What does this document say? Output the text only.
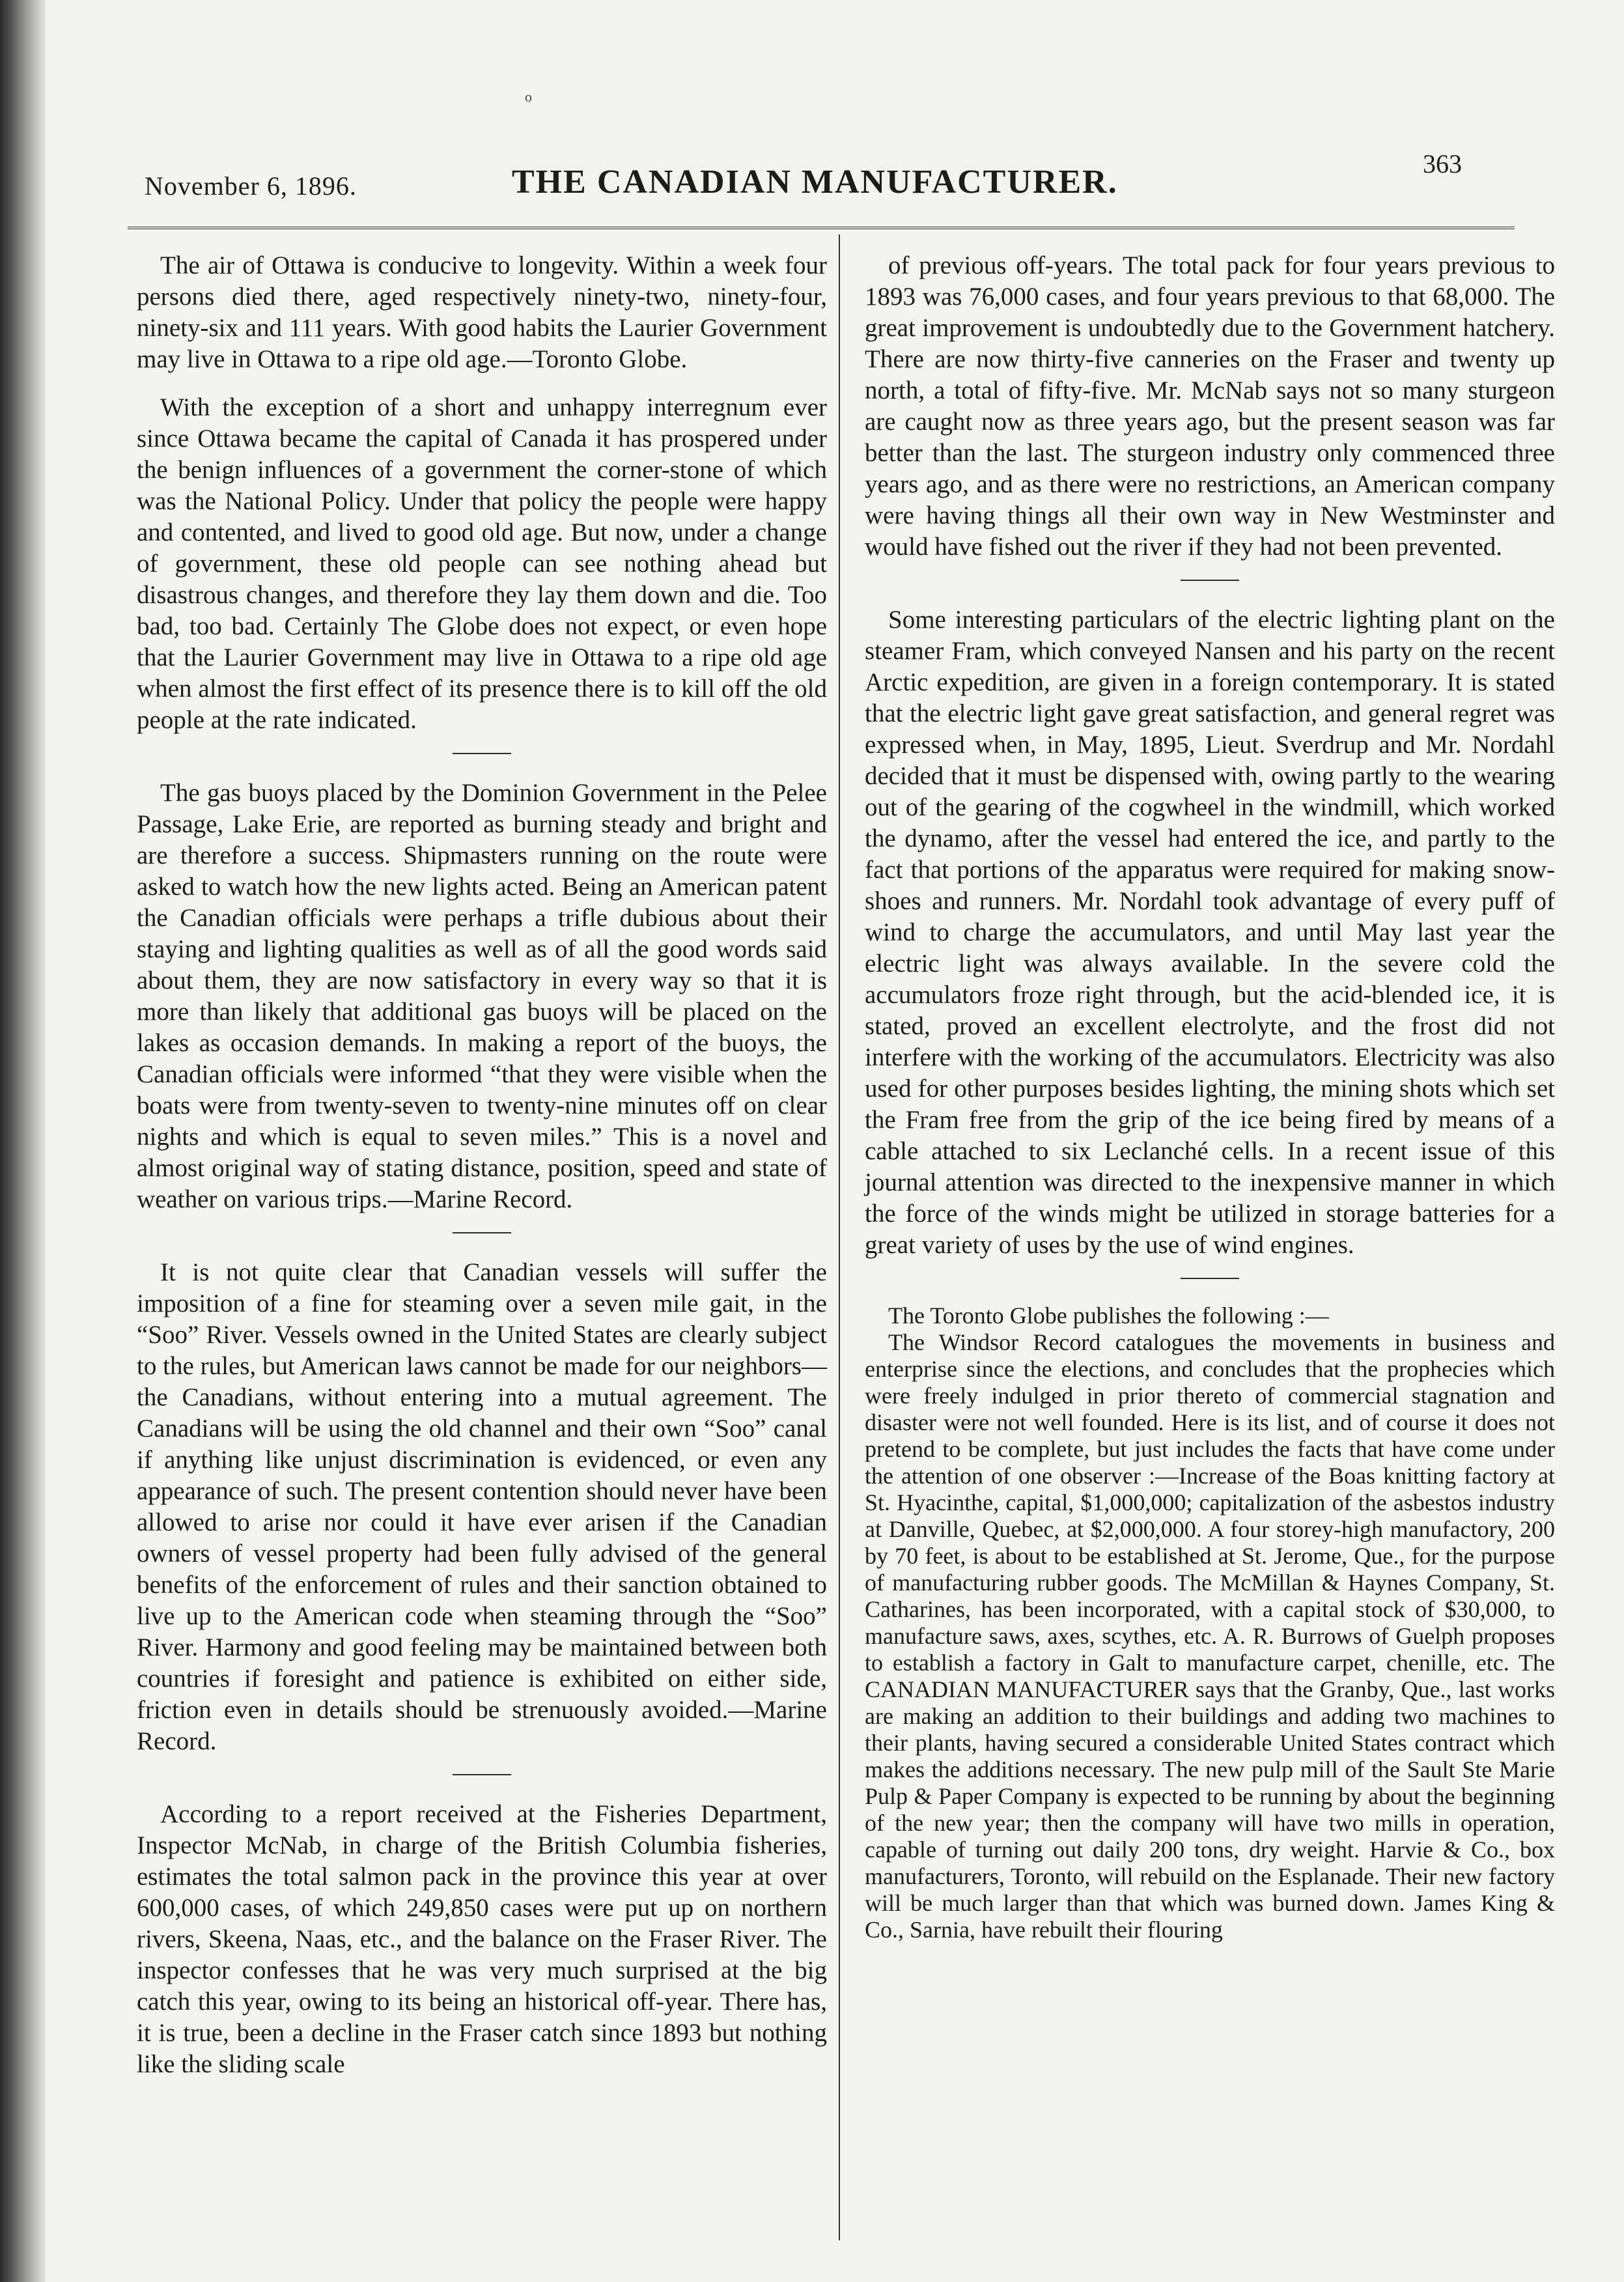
o
November 6, 1896.	THE CANADIAN MANUFACTURER.	363

The air of Ottawa is conducive to longevity. Within a week four persons died there, aged respectively ninety-two, ninety-four, ninety-six and 111 years. With good habits the Laurier Government may live in Ottawa to a ripe old age.—Toronto Globe.

With the exception of a short and unhappy interregnum ever since Ottawa became the capital of Canada it has prospered under the benign influences of a government the corner-stone of which was the National Policy. Under that policy the people were happy and contented, and lived to good old age. But now, under a change of government, these old people can see nothing ahead but disastrous changes, and therefore they lay them down and die. Too bad, too bad. Certainly The Globe does not expect, or even hope that the Laurier Government may live in Ottawa to a ripe old age when almost the first effect of its presence there is to kill off the old people at the rate indicated.

The gas buoys placed by the Dominion Government in the Pelee Passage, Lake Erie, are reported as burning steady and bright and are therefore a success. Shipmasters running on the route were asked to watch how the new lights acted. Being an American patent the Canadian officials were perhaps a trifle dubious about their staying and lighting qualities as well as of all the good words said about them, they are now satisfactory in every way so that it is more than likely that additional gas buoys will be placed on the lakes as occasion demands. In making a report of the buoys, the Canadian officials were informed “that they were visible when the boats were from twenty-seven to twenty-nine minutes off on clear nights and which is equal to seven miles.” This is a novel and almost original way of stating distance, position, speed and state of weather on various trips.—Marine Record.

It is not quite clear that Canadian vessels will suffer the imposition of a fine for steaming over a seven mile gait, in the “Soo” River. Vessels owned in the United States are clearly subject to the rules, but American laws cannot be made for our neighbors—the Canadians, without entering into a mutual agreement. The Canadians will be using the old channel and their own “Soo” canal if anything like unjust discrimination is evidenced, or even any appearance of such. The present contention should never have been allowed to arise nor could it have ever arisen if the Canadian owners of vessel property had been fully advised of the general benefits of the enforcement of rules and their sanction obtained to live up to the American code when steaming through the “Soo” River. Harmony and good feeling may be maintained between both countries if foresight and patience is exhibited on either side, friction even in details should be strenuously avoided.—Marine Record.

According to a report received at the Fisheries Department, Inspector McNab, in charge of the British Columbia fisheries, estimates the total salmon pack in the province this year at over 600,000 cases, of which 249,850 cases were put up on northern rivers, Skeena, Naas, etc., and the balance on the Fraser River. The inspector confesses that he was very much surprised at the big catch this year, owing to its being an historical off-year. There has, it is true, been a decline in the Fraser catch since 1893 but nothing like the sliding scale

of previous off-years. The total pack for four years previous to 1893 was 76,000 cases, and four years previous to that 68,000. The great improvement is undoubtedly due to the Government hatchery. There are now thirty-five canneries on the Fraser and twenty up north, a total of fifty-five. Mr. McNab says not so many sturgeon are caught now as three years ago, but the present season was far better than the last. The sturgeon industry only commenced three years ago, and as there were no restrictions, an American company were having things all their own way in New Westminster and would have fished out the river if they had not been prevented.

Some interesting particulars of the electric lighting plant on the steamer Fram, which conveyed Nansen and his party on the recent Arctic expedition, are given in a foreign contemporary. It is stated that the electric light gave great satisfaction, and general regret was expressed when, in May, 1895, Lieut. Sverdrup and Mr. Nordahl decided that it must be dispensed with, owing partly to the wearing out of the gearing of the cogwheel in the windmill, which worked the dynamo, after the vessel had entered the ice, and partly to the fact that portions of the apparatus were required for making snow-shoes and runners. Mr. Nordahl took advantage of every puff of wind to charge the accumulators, and until May last year the electric light was always available. In the severe cold the accumulators froze right through, but the acid-blended ice, it is stated, proved an excellent electrolyte, and the frost did not interfere with the working of the accumulators. Electricity was also used for other purposes besides lighting, the mining shots which set the Fram free from the grip of the ice being fired by means of a cable attached to six Leclanché cells. In a recent issue of this journal attention was directed to the inexpensive manner in which the force of the winds might be utilized in storage batteries for a great variety of uses by the use of wind engines.

The Toronto Globe publishes the following :—

The Windsor Record catalogues the movements in business and enterprise since the elections, and concludes that the prophecies which were freely indulged in prior thereto of commercial stagnation and disaster were not well founded. Here is its list, and of course it does not pretend to be complete, but just includes the facts that have come under the attention of one observer :—Increase of the Boas knitting factory at St. Hyacinthe, capital, $1,000,000; capitalization of the asbestos industry at Danville, Quebec, at $2,000,000. A four storey-high manufactory, 200 by 70 feet, is about to be established at St. Jerome, Que., for the purpose of manufacturing rubber goods. The McMillan & Haynes Company, St. Catharines, has been incorporated, with a capital stock of $30,000, to manufacture saws, axes, scythes, etc. A. R. Burrows of Guelph proposes to establish a factory in Galt to manufacture carpet, chenille, etc. The CANADIAN MANUFACTURER says that the Granby, Que., last works are making an addition to their buildings and adding two machines to their plants, having secured a considerable United States contract which makes the additions necessary. The new pulp mill of the Sault Ste Marie Pulp & Paper Company is expected to be running by about the beginning of the new year; then the company will have two mills in operation, capable of turning out daily 200 tons, dry weight. Harvie & Co., box manufacturers, Toronto, will rebuild on the Esplanade. Their new factory will be much larger than that which was burned down. James King & Co., Sarnia, have rebuilt their flouring
